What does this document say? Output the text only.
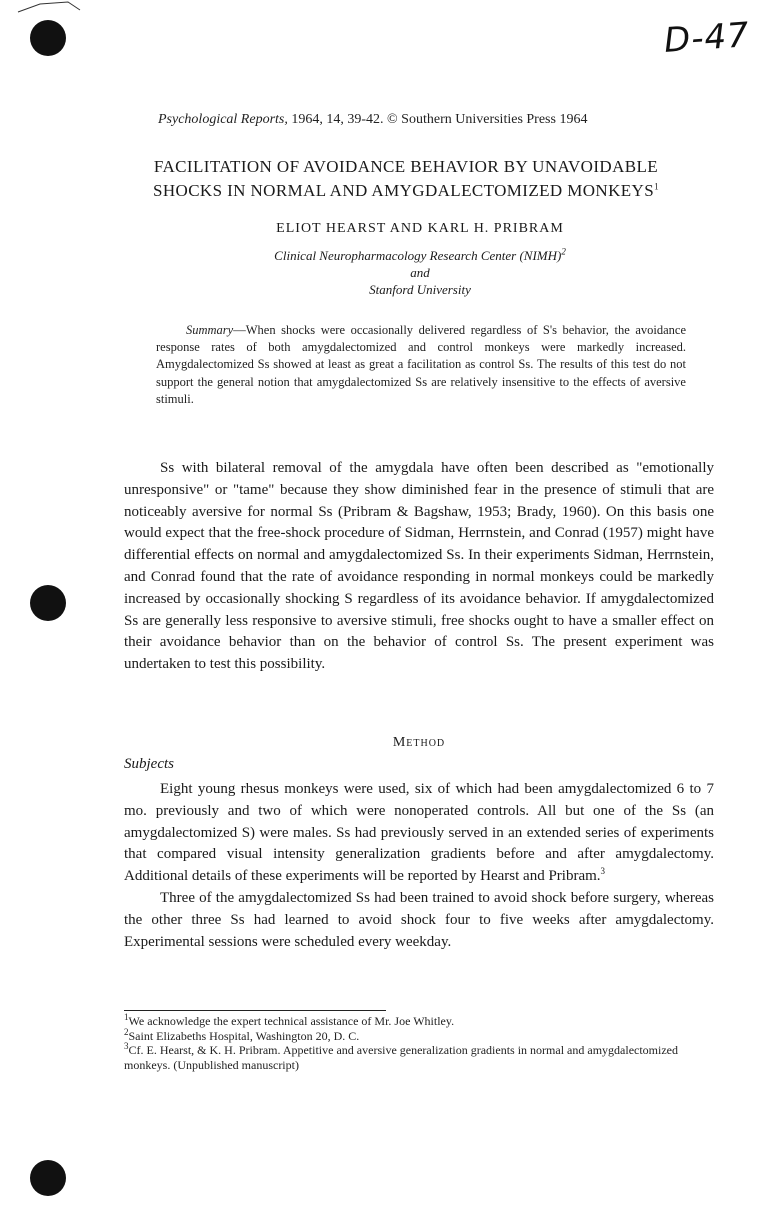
D-47
Psychological Reports, 1964, 14, 39-42. © Southern Universities Press 1964
FACILITATION OF AVOIDANCE BEHAVIOR BY UNAVOIDABLE
SHOCKS IN NORMAL AND AMYGDALECTOMIZED MONKEYS$^1$
ELIOT HEARST AND KARL H. PRIBRAM
Clinical Neuropharmacology Research Center (NIMH)$^2$
and
Stanford University

Summary—When shocks were occasionally delivered regardless of S's behavior, the avoidance response rates of both amygdalectomized and control monkeys were markedly increased. Amygdalectomized Ss showed at least as great a facilitation as control Ss. The results of this test do not support the general notion that amygdalectomized Ss are relatively insensitive to the effects of aversive stimuli.

Ss with bilateral removal of the amygdala have often been described as "emotionally unresponsive" or "tame" because they show diminished fear in the presence of stimuli that are noticeably aversive for normal Ss (Pribram & Bagshaw, 1953; Brady, 1960). On this basis one would expect that the free-shock procedure of Sidman, Herrnstein, and Conrad (1957) might have differential effects on normal and amygdalectomized Ss. In their experiments Sidman, Herrnstein, and Conrad found that the rate of avoidance responding in normal monkeys could be markedly increased by occasionally shocking S regardless of its avoidance behavior. If amygdalectomized Ss are generally less responsive to aversive stimuli, free shocks ought to have a smaller effect on their avoidance behavior than on the behavior of control Ss. The present experiment was undertaken to test this possibility.

Method
Subjects

Eight young rhesus monkeys were used, six of which had been amygdalectomized 6 to 7 mo. previously and two of which were nonoperated controls. All but one of the Ss (an amygdalectomized S) were males. Ss had previously served in an extended series of experiments that compared visual intensity generalization gradients before and after amygdalectomy. Additional details of these experiments will be reported by Hearst and Pribram.$^3$

Three of the amygdalectomized Ss had been trained to avoid shock before surgery, whereas the other three Ss had learned to avoid shock four to five weeks after amygdalectomy. Experimental sessions were scheduled every weekday.

$^1$We acknowledge the expert technical assistance of Mr. Joe Whitley.

$^2$Saint Elizabeths Hospital, Washington 20, D. C.

$^3$Cf. E. Hearst, & K. H. Pribram. Appetitive and aversive generalization gradients in normal and amygdalectomized monkeys. (Unpublished manuscript)
